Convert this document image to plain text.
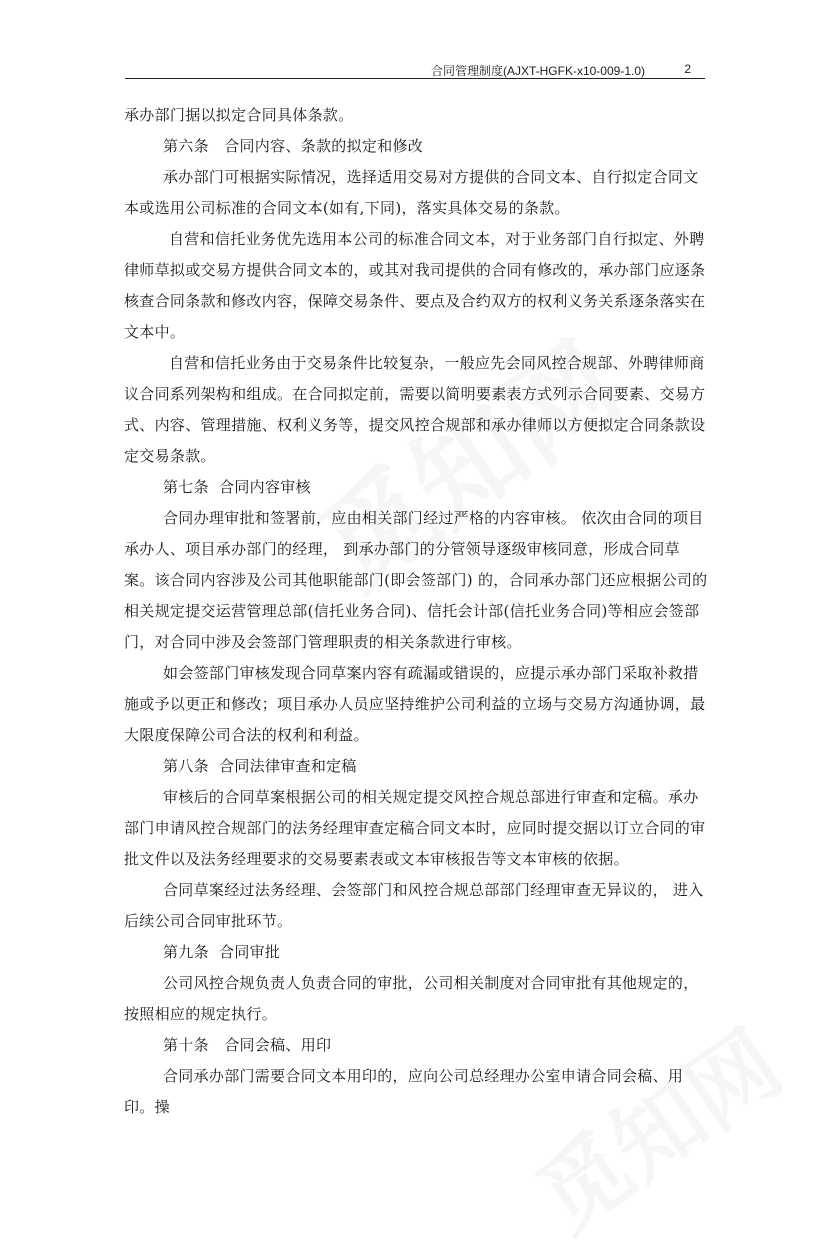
合同管理制度(AJXT-HGFK-x10-009-1.0)	2

承办部门据以拟定合同具体条款。

第六条　合同内容、条款的拟定和修改

承办部门可根据实际情况，选择适用交易对方提供的合同文本、自行拟定合同文本或选用公司标准的合同文本(如有,下同)，落实具体交易的条款。

自营和信托业务优先选用本公司的标准合同文本，对于业务部门自行拟定、外聘律师草拟或交易方提供合同文本的，或其对我司提供的合同有修改的，承办部门应逐条核查合同条款和修改内容，保障交易条件、要点及合约双方的权利义务关系逐条落实在文本中。

自营和信托业务由于交易条件比较复杂，一般应先会同风控合规部、外聘律师商议合同系列架构和组成。在合同拟定前，需要以简明要素表方式列示合同要素、交易方式、内容、管理措施、权利义务等，提交风控合规部和承办律师以方便拟定合同条款设定交易条款。

第七条  合同内容审核

合同办理审批和签署前，应由相关部门经过严格的内容审核。 依次由合同的项目承办人、项目承办部门的经理， 到承办部门的分管领导逐级审核同意，形成合同草案。该合同内容涉及公司其他职能部门(即会签部门) 的，合同承办部门还应根据公司的相关规定提交运营管理总部(信托业务合同)、信托会计部(信托业务合同)等相应会签部门，对合同中涉及会签部门管理职责的相关条款进行审核。

如会签部门审核发现合同草案内容有疏漏或错误的，应提示承办部门采取补救措施或予以更正和修改；项目承办人员应坚持维护公司利益的立场与交易方沟通协调，最大限度保障公司合法的权利和利益。

第八条  合同法律审查和定稿

审核后的合同草案根据公司的相关规定提交风控合规总部进行审查和定稿。承办部门申请风控合规部门的法务经理审查定稿合同文本时，应同时提交据以订立合同的审批文件以及法务经理要求的交易要素表或文本审核报告等文本审核的依据。

合同草案经过法务经理、会签部门和风控合规总部部门经理审查无异议的， 进入后续公司合同审批环节。

第九条  合同审批

公司风控合规负责人负责合同的审批，公司相关制度对合同审批有其他规定的， 按照相应的规定执行。

第十条　合同会稿、用印

合同承办部门需要合同文本用印的，应向公司总经理办公室申请合同会稿、用印。操
